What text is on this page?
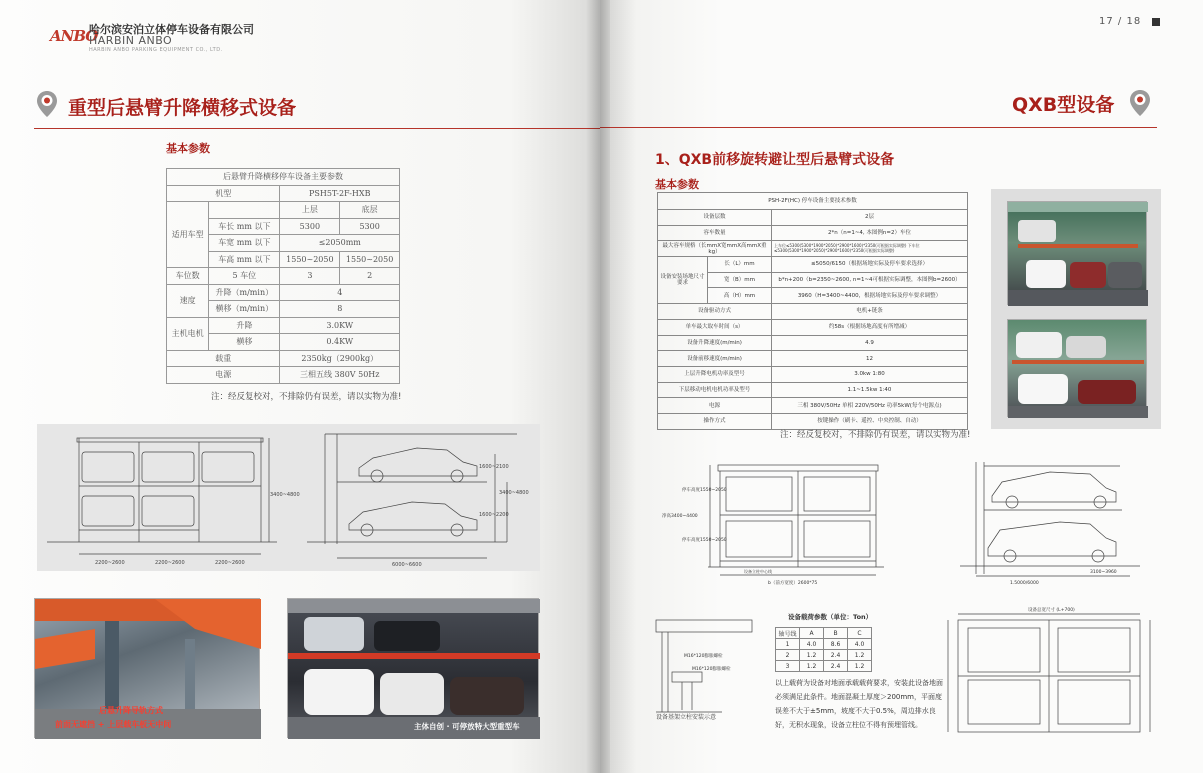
ANBO
哈尔滨安泊立体停车设备有限公司
HARBIN ANBO
HARBIN ANBO PARKING EQUIPMENT CO., LTD.
重型后悬臂升降横移式设备
基本参数
后悬臂升降横移停车设备主要参数			
机型		PSH5T-2F-HXB	
适用车型		上层	底层
	车长 mm 以下	5300	5300
	车宽 mm 以下	≤2050mm	
	车高 mm 以下	1550~2050	1550~2050
车位数	5 车位	3	2
速度	升降（m/min）	4	
	横移（m/min）	8	
主机电机	升降	3.0KW	
	横移	0.4KW	
载重		2350kg（2900kg）	
电源		三相五线 380V 50Hz	
注：经反复校对，不排除仍有误差，请以实物为准!
2200~2600	2200~2600	2200~2600
3400~4800
1600~2100
3400~4800
1600~2200
6000~6600
后悬升降导轨方式
前面无遮挡 + 上层载车板无中间	主体自创 · 可停放特大型重型车
17 / 18
QXB型设备
1、QXB前移旋转避让型后悬臂式设备
基本参数
PSH-2F(HC) 停车设备主要技术参数		
设备层数		2层
容车数量		2*n（n=1~4, 本图例n=2）车位
最大容车规格（长mmX宽mmX高mmX重kg）		上车位≤5300(5300*1900*2050)*2900*1600)*2350(可根据实际调整) 下车位≤5300(5300*1900*2050)*2900*1600)*2350(可根据实际调整)
设备安装场地尺寸要求	长（L）mm	≤5050/6150（根据场地实际及停车要求选择）
	宽（B）mm	b*n+200（b=2350~2600, n=1~4可根据实际调整，本图例b=2600）
	高（H）mm	3960（H=3400~4400，根据场地实际及停车要求调整）
设备驱动方式		电机+链条
单车最大取车时间（s）		约58s（根据场地高度有所增减）
设备升降速度(m/min)		4.9
设备前移速度(m/min)		12
上层升降电机功率及型号		3.0kw 1:80
下层移动电机电机功率及型号		1.1~1.5kw 1:40
电源		三相 380V/50Hz 单相 220V/50Hz 功率5kW(每个电源点)
操作方式		按键操作（刷卡、遥控、中央控制、自动）
注：经反复校对，不排除仍有误差，请以实物为准!
停车高度1550~2050
净高3400~4400
停车高度1550~2050
b（前方宽度）2600*75
设备立柱中心线	3100~3960
1.5000/6000
M16*120膨胀螺栓
M16*120膨胀螺栓
设备基架立柱安装示意
设备载荷参数（单位：Ton）
轴号线	A	B	C
1	4.0	8.6	4.0
2	1.2	2.4	1.2
3	1.2	2.4	1.2
以上载荷为设备对地面承载载荷要求，安装此设备地面必须满足此条件。地面混凝土厚度＞200mm，平面度误差不大于±5mm，坡度不大于0.5%，周边排水良好，无积水现象，设备立柱位不得有预埋管线。
设备总宽尺寸 (L+700)
